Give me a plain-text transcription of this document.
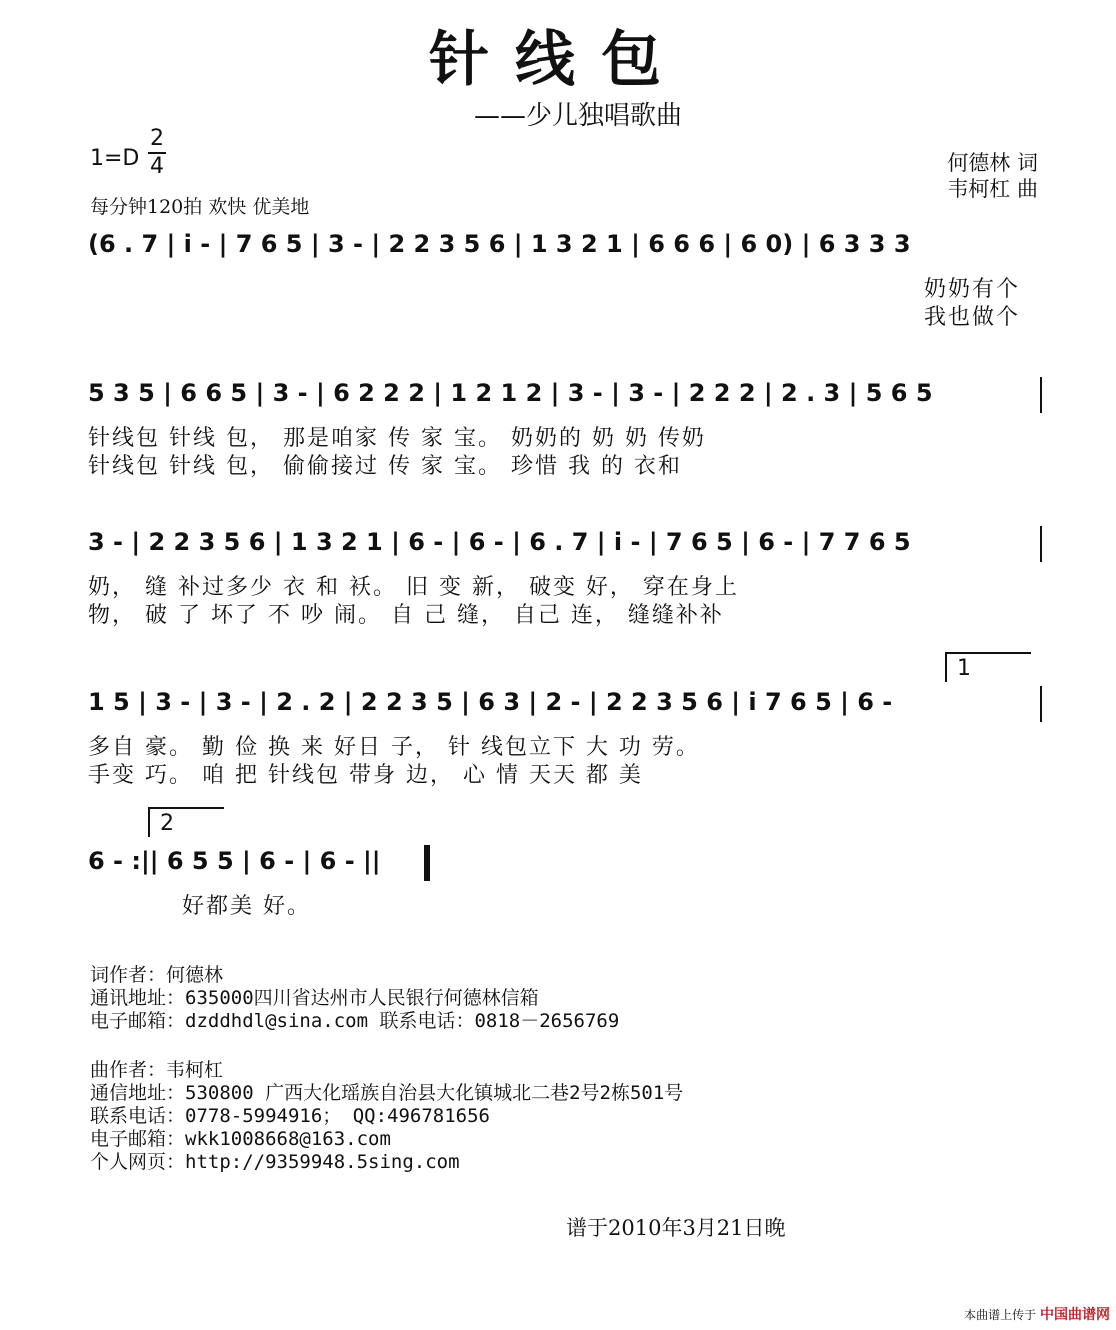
针线包
——少儿独唱歌曲
1=D
2
4
每分钟120拍 欢快 优美地
何德林 词
韦柯杠 曲
(6 . 7 | i - | 7 6 5 | 3 - | 2 2 3 5 6 | 1 3 2 1 | 6 6 6 | 6 0) | 6 3 3 3
奶奶有个
我也做个
5 3 5 | 6 6 5 | 3 - | 6 2 2 2 | 1 2 1 2 | 3 - | 3 - | 2 2 2 | 2 . 3 | 5 6 5
针线包 针线 包， 那是咱家 传 家 宝。 奶奶的 奶 奶 传奶
针线包 针线 包， 偷偷接过 传 家 宝。 珍惜 我 的 衣和
3 - | 2 2 3 5 6 | 1 3 2 1 | 6 - | 6 - | 6 . 7 | i - | 7 6 5 | 6 - | 7 7 6 5
奶， 缝 补过多少 衣 和 袄。 旧 变 新， 破变 好， 穿在身上
物， 破 了 坏了 不 吵 闹。 自 己 缝， 自己 连， 缝缝补补
1
1 5 | 3 - | 3 - | 2 . 2 | 2 2 3 5 | 6 3 | 2 - | 2 2 3 5 6 | i 7 6 5 | 6 -
多自 豪。 勤 俭 换 来 好日 子， 针 线包立下 大 功 劳。
手变 巧。 咱 把 针线包 带身 边， 心 情 天天 都 美
2
6 - :|| 6 5 5 | 6 - | 6 - ||
好都美 好。
词作者：何德林
通讯地址：635000四川省达州市人民银行何德林信箱
电子邮箱：dzddhdl@sina.com 联系电话：0818－2656769
曲作者：韦柯杠
通信地址：530800 广西大化瑶族自治县大化镇城北二巷2号2栋501号
联系电话：0778-5994916； QQ:496781656
电子邮箱：wkk1008668@163.com
个人网页：http://9359948.5sing.com
谱于2010年3月21日晚
本曲谱上传于 中国曲谱网
